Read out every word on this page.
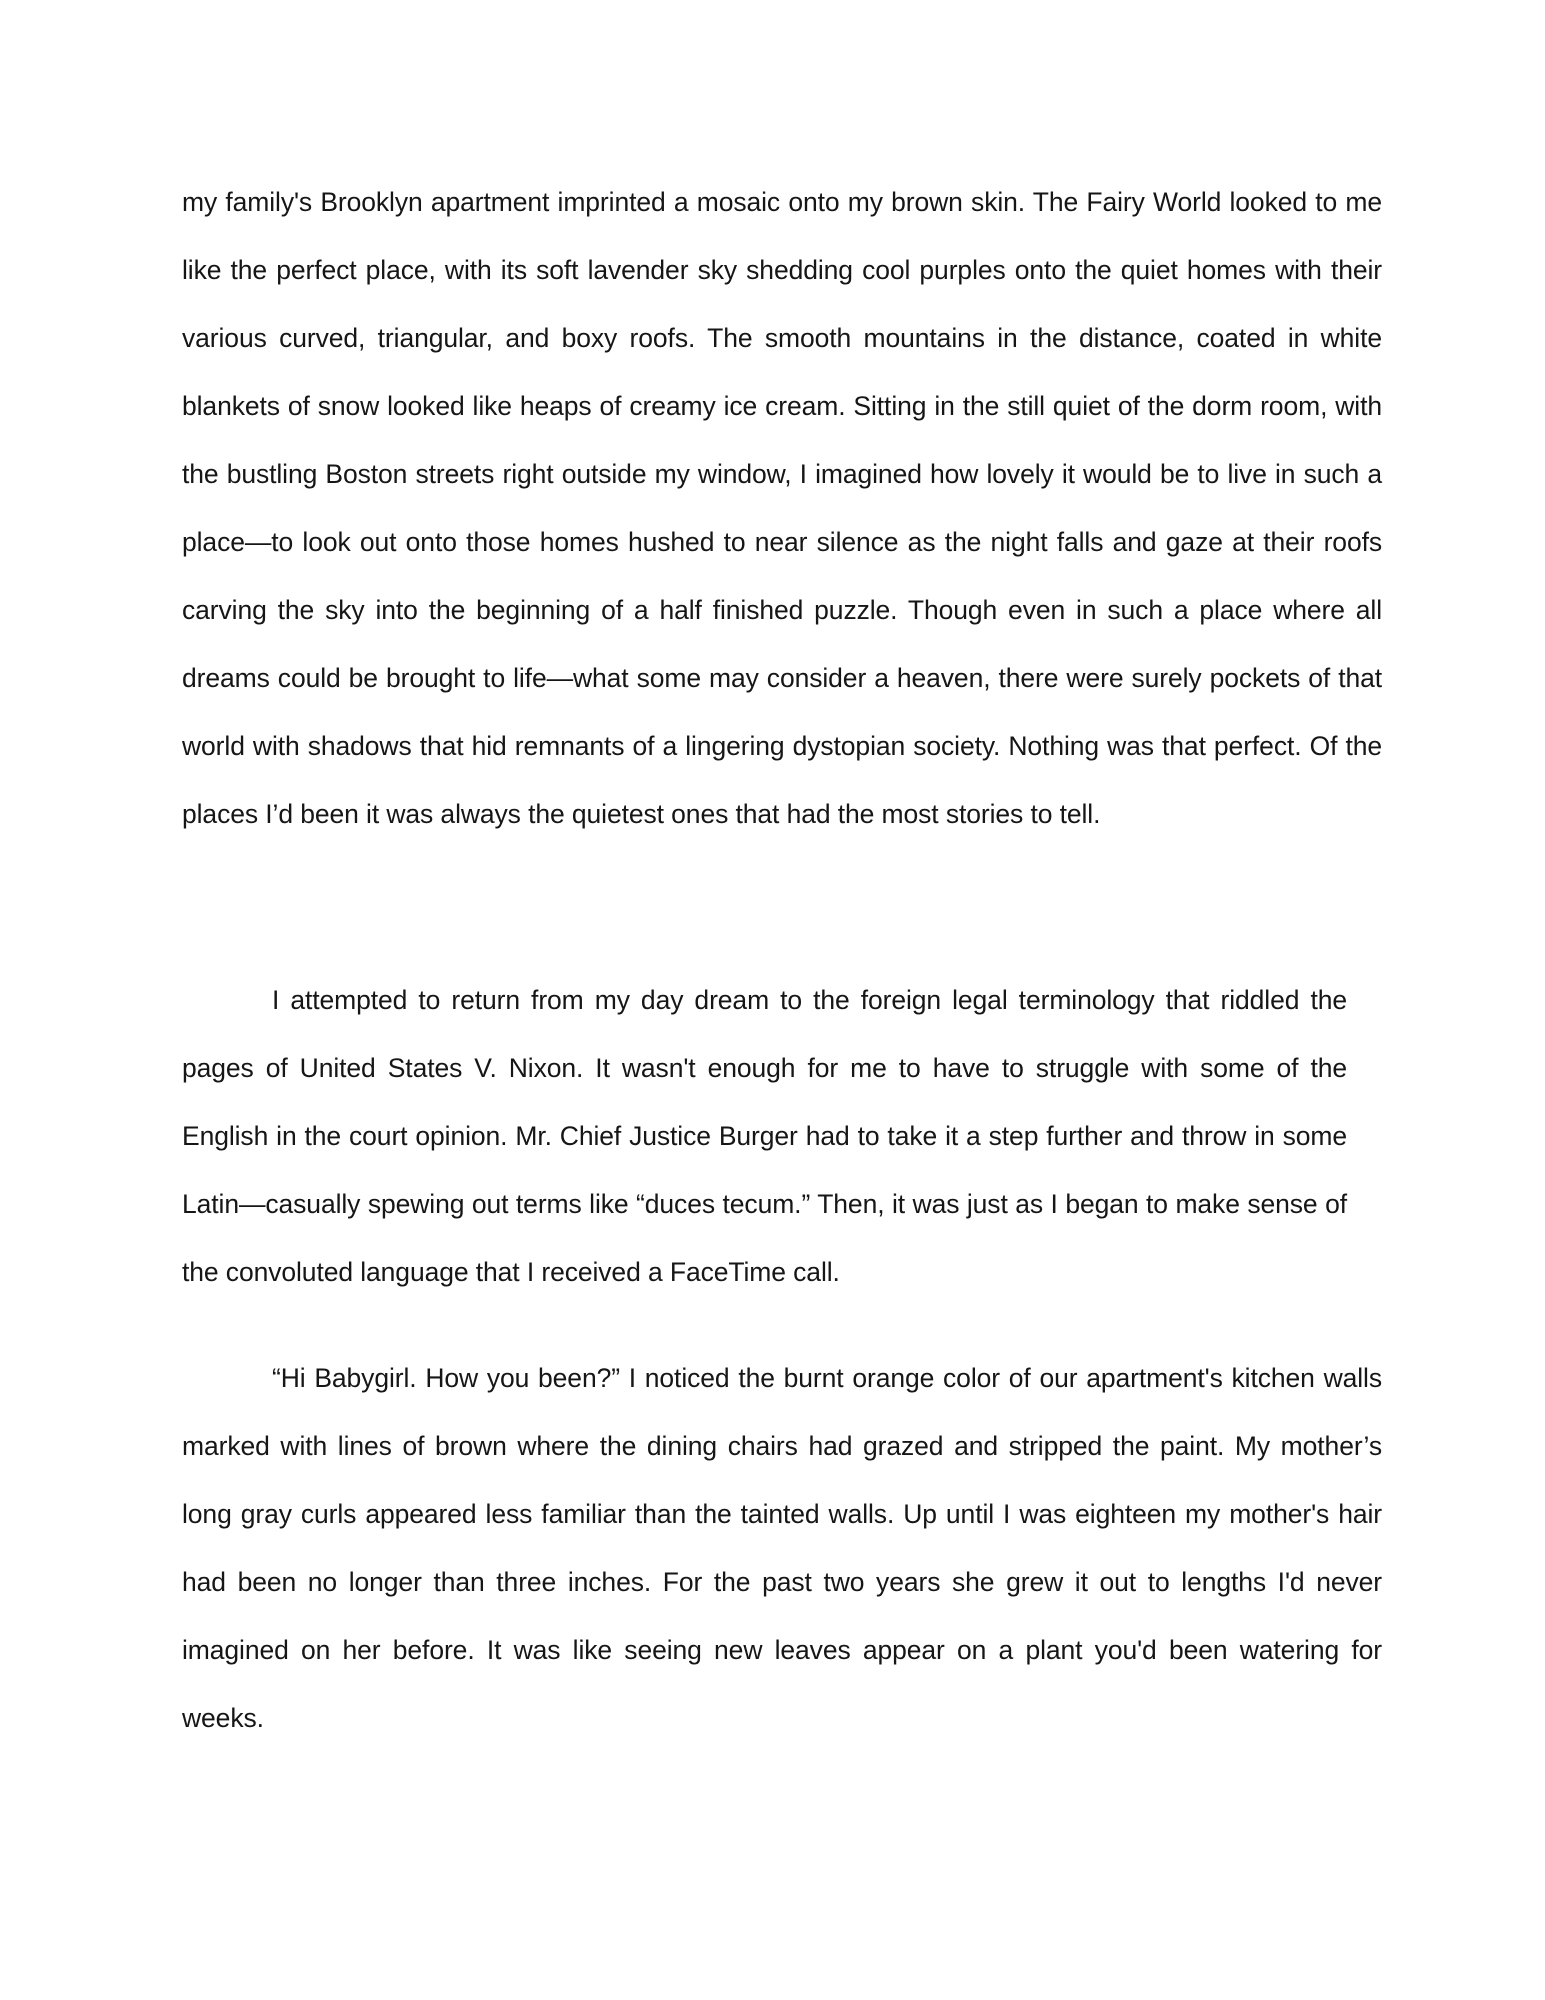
my family's Brooklyn apartment imprinted a mosaic onto my brown skin. The Fairy World looked to me like the perfect place, with its soft lavender sky shedding cool purples onto the quiet homes with their various curved, triangular, and boxy roofs. The smooth mountains in the distance, coated in white blankets of snow looked like heaps of creamy ice cream. Sitting in the still quiet of the dorm room, with the bustling Boston streets right outside my window, I imagined how lovely it would be to live in such a place—to look out onto those homes hushed to near silence as the night falls and gaze at their roofs carving the sky into the beginning of a half finished puzzle. Though even in such a place where all dreams could be brought to life—what some may consider a heaven, there were surely pockets of that world with shadows that hid remnants of a lingering dystopian society. Nothing was that perfect. Of the places I’d been it was always the quietest ones that had the most stories to tell.

I attempted to return from my day dream to the foreign legal terminology that riddled the pages of United States V. Nixon. It wasn't enough for me to have to struggle with some of the English in the court opinion. Mr. Chief Justice Burger had to take it a step further and throw in some Latin—casually spewing out terms like “duces tecum.” Then, it was just as I began to make sense of the convoluted language that I received a FaceTime call.

“Hi Babygirl. How you been?” I noticed the burnt orange color of our apartment's kitchen walls marked with lines of brown where the dining chairs had grazed and stripped the paint. My mother’s long gray curls appeared less familiar than the tainted walls. Up until I was eighteen my mother's hair had been no longer than three inches. For the past two years she grew it out to lengths I'd never imagined on her before. It was like seeing new leaves appear on a plant you'd been watering for weeks.
